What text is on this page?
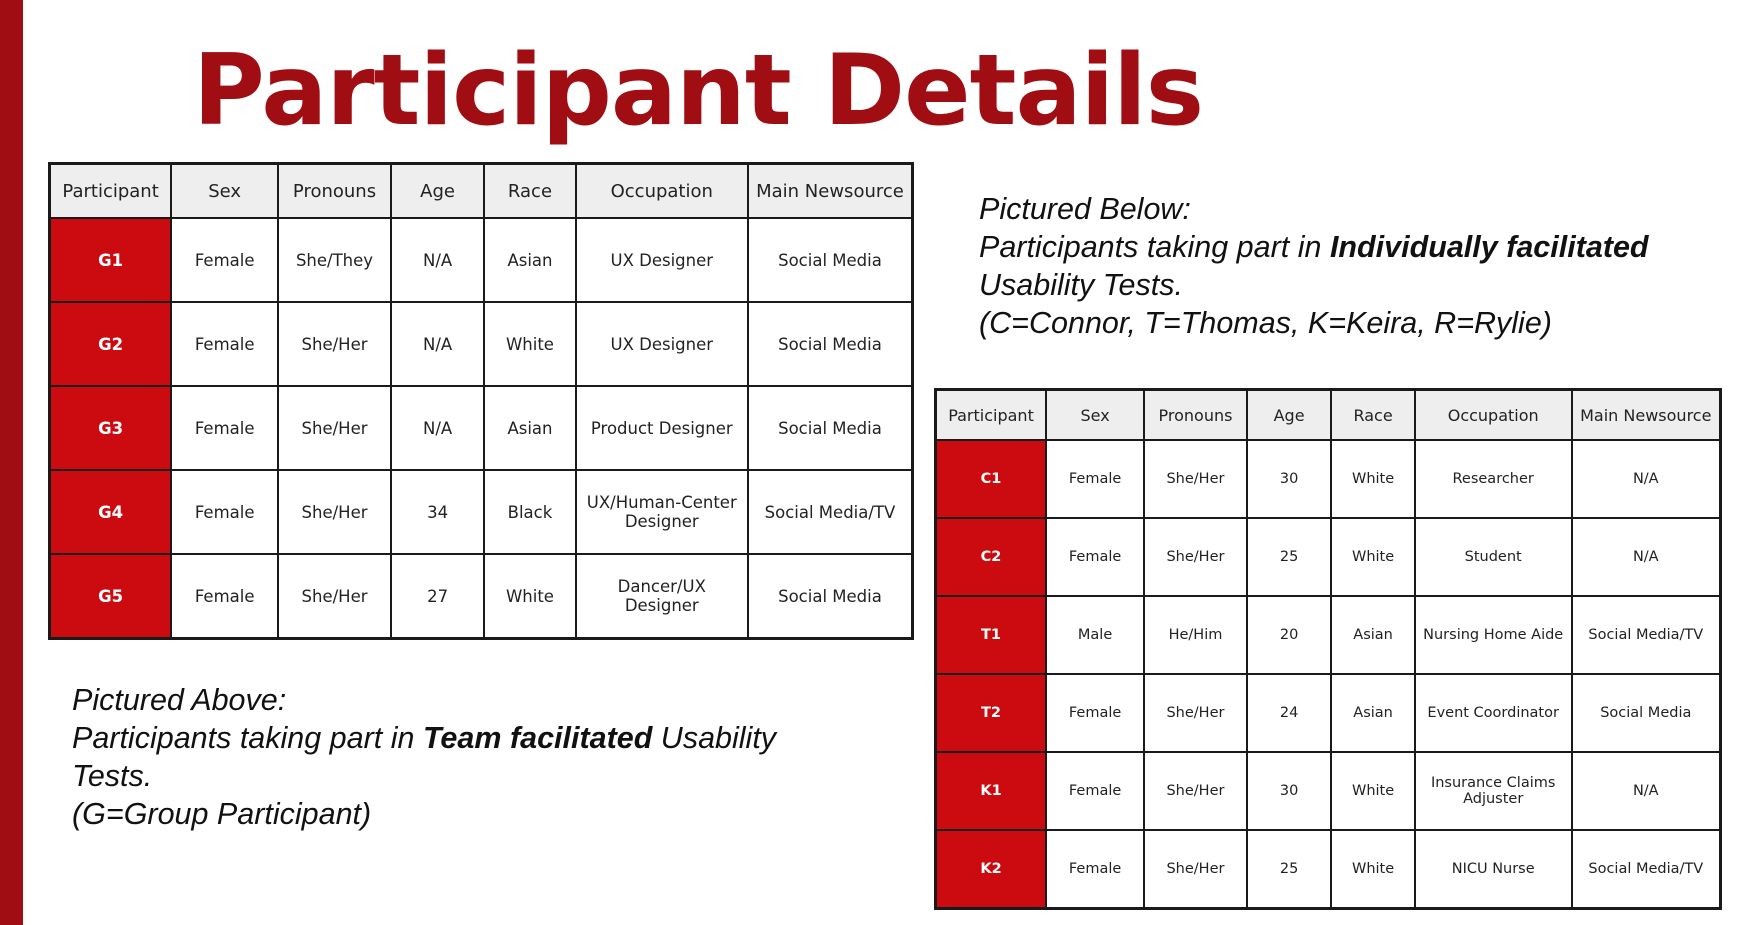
Participant Details
Participant	Sex	Pronouns	Age	Race	Occupation	Main Newsource
G1	Female	She/They	N/A	Asian	UX Designer	Social Media
G2	Female	She/Her	N/A	White	UX Designer	Social Media
G3	Female	She/Her	N/A	Asian	Product Designer	Social Media
G4	Female	She/Her	34	Black	UX/Human-Center Designer	Social Media/TV
G5	Female	She/Her	27	White	Dancer/UX Designer	Social Media
Pictured Below:
Participants taking part in Individually facilitated
Usability Tests.
(C=Connor, T=Thomas, K=Keira, R=Rylie)
Participant	Sex	Pronouns	Age	Race	Occupation	Main Newsource
C1	Female	She/Her	30	White	Researcher	N/A
C2	Female	She/Her	25	White	Student	N/A
T1	Male	He/Him	20	Asian	Nursing Home Aide	Social Media/TV
T2	Female	She/Her	24	Asian	Event Coordinator	Social Media
K1	Female	She/Her	30	White	Insurance Claims Adjuster	N/A
K2	Female	She/Her	25	White	NICU Nurse	Social Media/TV
Pictured Above:
Participants taking part in Team facilitated Usability
Tests.
(G=Group Participant)
